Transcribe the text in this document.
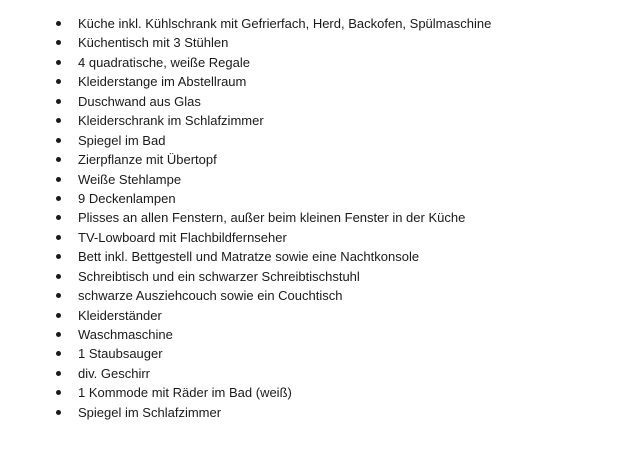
Küche inkl. Kühlschrank mit Gefrierfach, Herd, Backofen, Spülmaschine
Küchentisch mit 3 Stühlen
4 quadratische, weiße Regale
Kleiderstange im Abstellraum
Duschwand aus Glas
Kleiderschrank im Schlafzimmer
Spiegel im Bad
Zierpflanze mit Übertopf
Weiße Stehlampe
9 Deckenlampen
Plisses an allen Fenstern, außer beim kleinen Fenster in der Küche
TV-Lowboard mit Flachbildfernseher
Bett inkl. Bettgestell und Matratze sowie eine Nachtkonsole
Schreibtisch und ein schwarzer Schreibtischstuhl
schwarze Ausziehcouch sowie ein Couchtisch
Kleiderständer
Waschmaschine
1 Staubsauger
div. Geschirr
1 Kommode mit Räder im Bad (weiß)
Spiegel im Schlafzimmer
